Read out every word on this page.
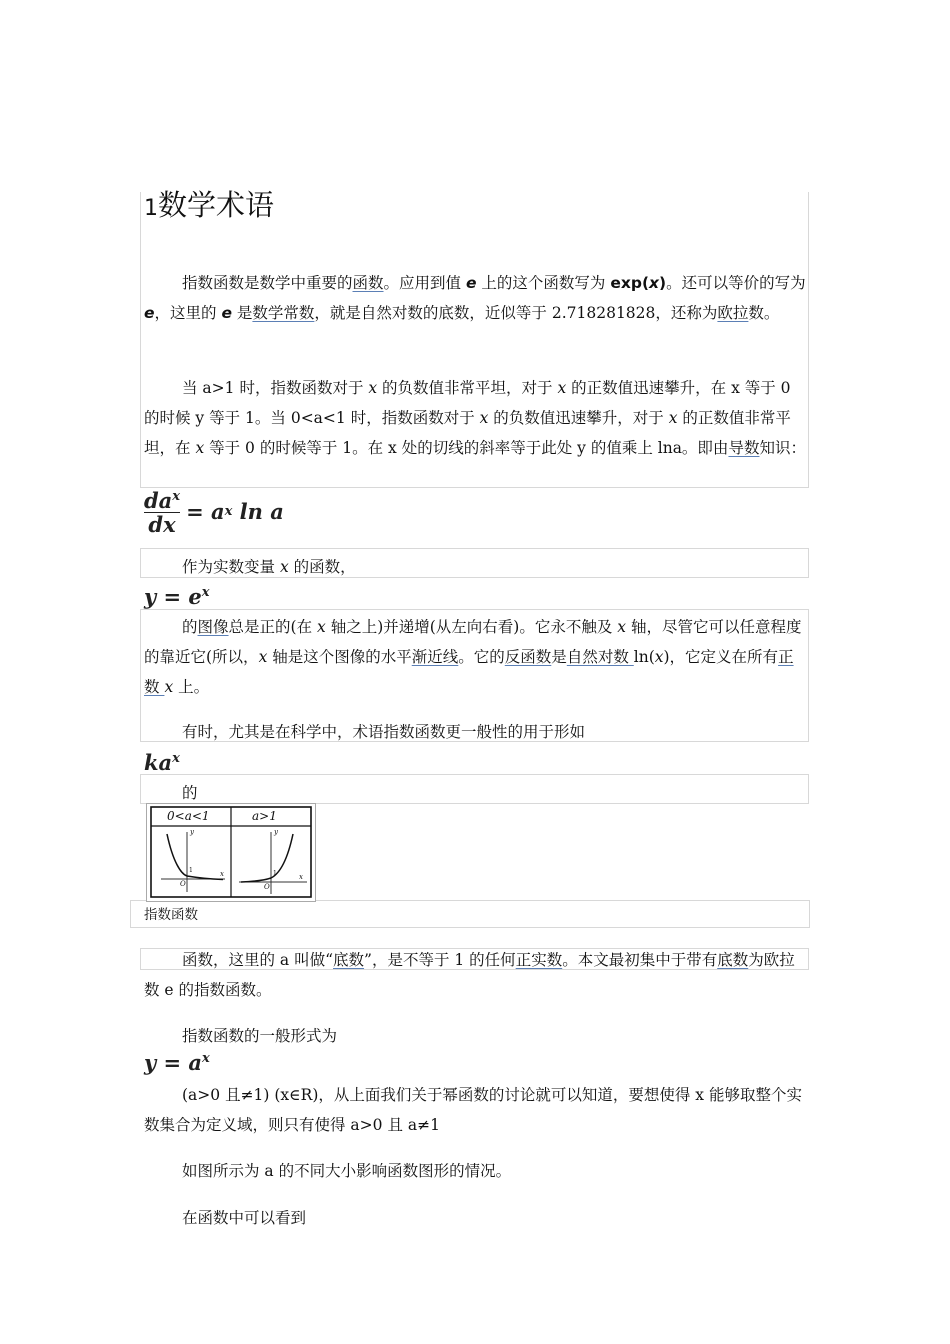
1数学术语
指数函数是数学中重要的函数。应用到值 e 上的这个函数写为 exp(x)。还可以等价的写为 e，这里的 e 是数学常数，就是自然对数的底数，近似等于 2.718281828，还称为欧拉数。
当 a>1 时，指数函数对于 x 的负数值非常平坦，对于 x 的正数值迅速攀升，在 x 等于 0 的时候 y 等于 1。当 0<a<1 时，指数函数对于 x 的负数值迅速攀升，对于 x 的正数值非常平坦，在 x 等于 0 的时候等于 1。在 x 处的切线的斜率等于此处 y 的值乘上 lna。即由导数知识：
$da^x$
dx
= a x
ln a
作为实数变量 x 的函数，
$y = e^x$
的图像总是正的(在 x 轴之上)并递增(从左向右看)。它永不触及 x 轴，尽管它可以任意程度的靠近它(所以，x 轴是这个图像的水平渐近线。它的反函数是自然对数 ln(x)，它定义在所有正数 x 上。
有时，尤其是在科学中，术语指数函数更一般性的用于形如
$ka^x$
的
0<a<1	a>1
y	y
x	x
O	O
1	1
指数函数
函数，这里的 a 叫做“底数”，是不等于 1 的任何正实数。本文最初集中于带有底数为欧拉数 e 的指数函数。
指数函数的一般形式为
$y = a^x$
(a>0 且≠1) (x∈R)，从上面我们关于幂函数的讨论就可以知道，要想使得 x 能够取整个实数集合为定义域，则只有使得 a>0 且 a≠1
如图所示为 a 的不同大小影响函数图形的情况。
在函数中可以看到
